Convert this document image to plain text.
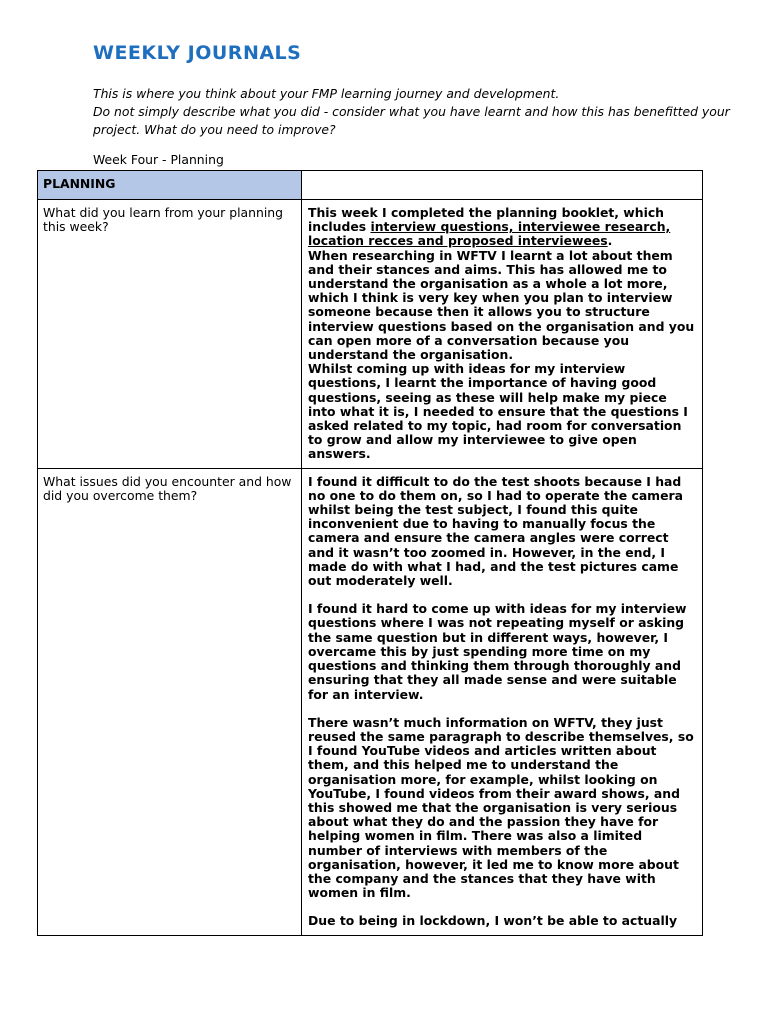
WEEKLY JOURNALS

This is where you think about your FMP learning journey and development.

Do not simply describe what you did - consider what you have learnt and how this has benefitted your project. What do you need to improve?

Week Four - Planning
PLANNING	
What did you learn from your planning this week?	This week I completed the planning booklet, which includes interview questions, interviewee research, location recces and proposed interviewees.

When researching in WFTV I learnt a lot about them and their stances and aims. This has allowed me to understand the organisation as a whole a lot more, which I think is very key when you plan to interview someone because then it allows you to structure interview questions based on the organisation and you can open more of a conversation because you understand the organisation.

Whilst coming up with ideas for my interview questions, I learnt the importance of having good questions, seeing as these will help make my piece into what it is, I needed to ensure that the questions I asked related to my topic, had room for conversation to grow and allow my interviewee to give open answers.

What issues did you encounter and how did you overcome them?	I found it difficult to do the test shoots because I had no one to do them on, so I had to operate the camera whilst being the test subject, I found this quite inconvenient due to having to manually focus the camera and ensure the camera angles were correct and it wasn’t too zoomed in. However, in the end, I made do with what I had, and the test pictures came out moderately well.

I found it hard to come up with ideas for my interview questions where I was not repeating myself or asking the same question but in different ways, however, I overcame this by just spending more time on my questions and thinking them through thoroughly and ensuring that they all made sense and were suitable for an interview.

There wasn’t much information on WFTV, they just reused the same paragraph to describe themselves, so I found YouTube videos and articles written about them, and this helped me to understand the organisation more, for example, whilst looking on YouTube, I found videos from their award shows, and this showed me that the organisation is very serious about what they do and the passion they have for helping women in film. There was also a limited number of interviews with members of the organisation, however, it led me to know more about the company and the stances that they have with women in film.

Due to being in lockdown, I won’t be able to actually
